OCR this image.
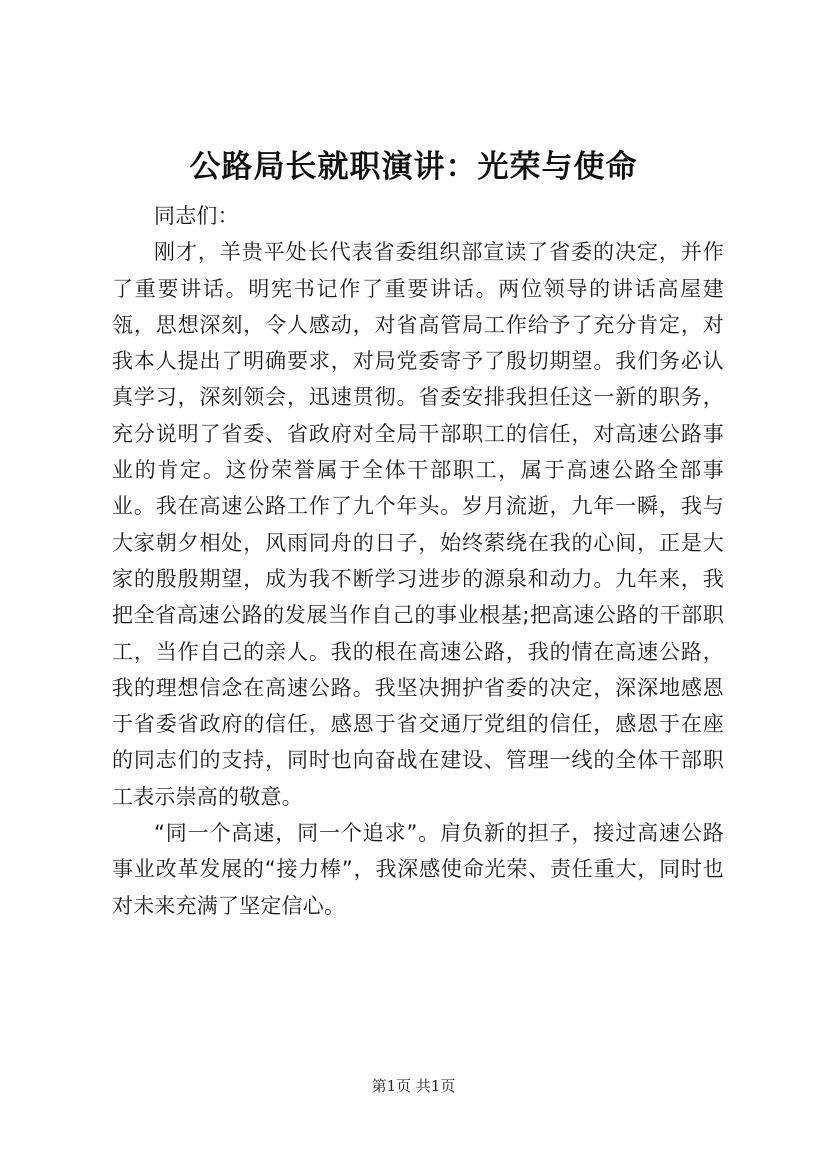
公路局长就职演讲：光荣与使命

同志们：

刚才，羊贵平处长代表省委组织部宣读了省委的决定，并作了重要讲话。明宪书记作了重要讲话。两位领导的讲话高屋建瓴，思想深刻，令人感动，对省高管局工作给予了充分肯定，对我本人提出了明确要求，对局党委寄予了殷切期望。我们务必认真学习，深刻领会，迅速贯彻。省委安排我担任这一新的职务，充分说明了省委、省政府对全局干部职工的信任，对高速公路事业的肯定。这份荣誉属于全体干部职工，属于高速公路全部事业。我在高速公路工作了九个年头。岁月流逝，九年一瞬，我与大家朝夕相处，风雨同舟的日子，始终萦绕在我的心间，正是大家的殷殷期望，成为我不断学习进步的源泉和动力。九年来，我把全省高速公路的发展当作自己的事业根基;把高速公路的干部职工，当作自己的亲人。我的根在高速公路，我的情在高速公路，我的理想信念在高速公路。我坚决拥护省委的决定，深深地感恩于省委省政府的信任，感恩于省交通厅党组的信任，感恩于在座的同志们的支持，同时也向奋战在建设、管理一线的全体干部职工表示崇高的敬意。

“同一个高速，同一个追求”。肩负新的担子，接过高速公路事业改革发展的“接力棒”，我深感使命光荣、责任重大，同时也对未来充满了坚定信心。

第1页 共1页
